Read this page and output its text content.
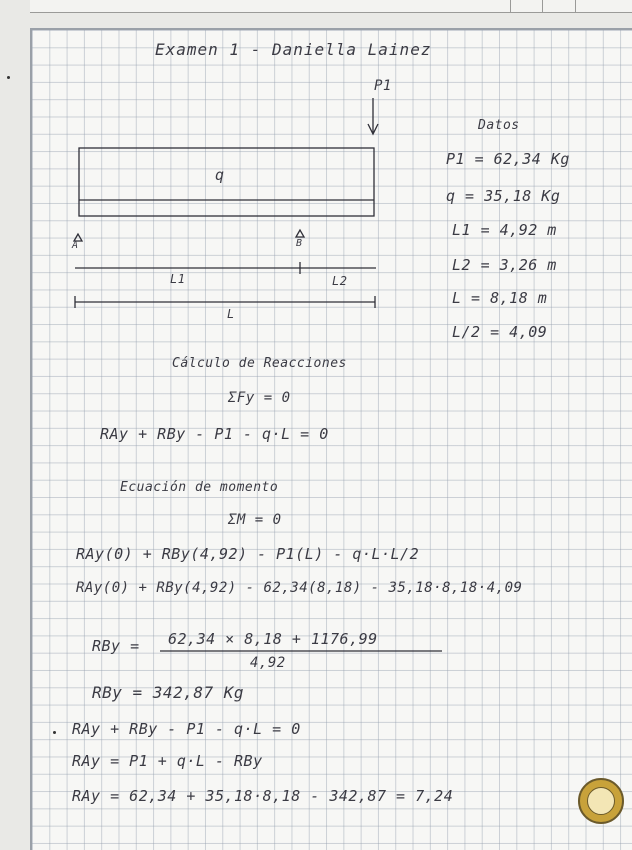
Examen 1 - Daniella Lainez
P1
q
A	B
L1	L2
L
Datos
P1 = 62,34 Kg
q = 35,18 Kg
L1 = 4,92 m
L2 = 3,26 m
L = 8,18 m
L/2 = 4,09
Cálculo de Reacciones
ΣFy = 0
RAy + RBy - P1 - q·L = 0
Ecuación de momento
ΣM = 0
RAy(0) + RBy(4,92) - P1(L) - q·L·L/2
RAy(0) + RBy(4,92) - 62,34(8,18) - 35,18·8,18·4,09
RBy = 62,34 × 8,18 + 1176,99
4,92
RBy = 342,87 Kg
RAy + RBy - P1 - q·L = 0
RAy = P1 + q·L - RBy
RAy = 62,34 + 35,18·8,18 - 342,87 = 7,24
